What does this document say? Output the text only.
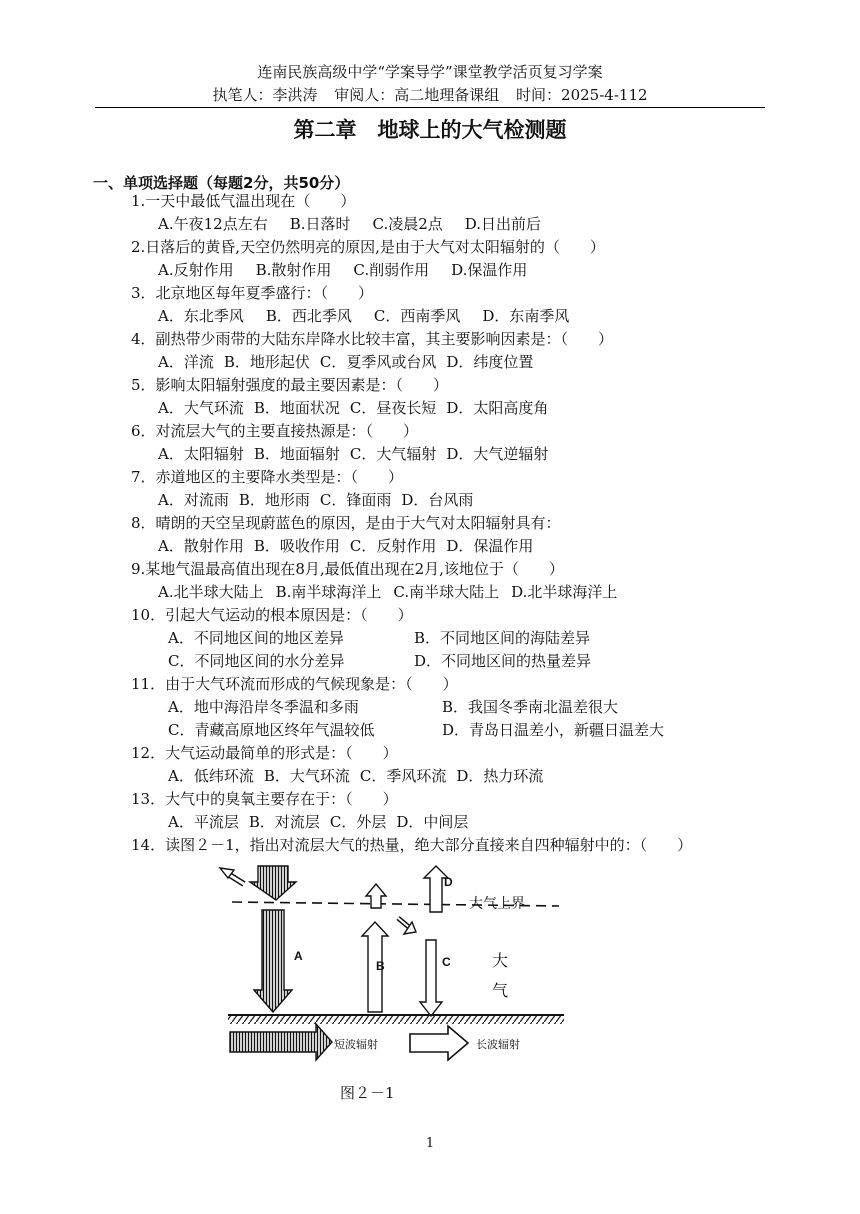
连南民族高级中学“学案导学”课堂教学活页复习学案
执笔人：李洪涛 审阅人：高二地理备课组 时间：2025-4-112
第二章　地球上的大气检测题
一、单项选择题（每题2分，共50分）
1.一天中最低气温出现在（　　）
A.午夜12点左右 B.日落时 C.凌晨2点 D.日出前后
2.日落后的黄昏,天空仍然明亮的原因,是由于大气对太阳辐射的（　　）
A.反射作用 B.散射作用 C.削弱作用 D.保温作用
3．北京地区每年夏季盛行：（　　）
A．东北季风 B．西北季风 C．西南季风 D．东南季风
4．副热带少雨带的大陆东岸降水比较丰富，其主要影响因素是：（　　）
A．洋流 B．地形起伏 C．夏季风或台风 D．纬度位置
5．影响太阳辐射强度的最主要因素是：（　　）
A．大气环流 B．地面状况 C．昼夜长短 D．太阳高度角
6．对流层大气的主要直接热源是：（　　）
A．太阳辐射 B．地面辐射 C．大气辐射 D．大气逆辐射
7．赤道地区的主要降水类型是：（　　）
A．对流雨 B．地形雨 C．锋面雨 D．台风雨
8．晴朗的天空呈现蔚蓝色的原因，是由于大气对太阳辐射具有：
A．散射作用 B．吸收作用 C．反射作用 D．保温作用
9.某地气温最高值出现在8月,最低值出现在2月,该地位于（　　）
A.北半球大陆上 B.南半球海洋上 C.南半球大陆上 D.北半球海洋上
10．引起大气运动的根本原因是：（　　）
A．不同地区间的地区差异	B．不同地区间的海陆差异
C．不同地区间的水分差异	D．不同地区间的热量差异
11．由于大气环流而形成的气候现象是：（　　）
A．地中海沿岸冬季温和多雨	B．我国冬季南北温差很大
C．青藏高原地区终年气温较低	D．青岛日温差小，新疆日温差大
12．大气运动最简单的形式是：（　　）
A．低纬环流 B．大气环流 C．季风环流 D．热力环流
13．大气中的臭氧主要存在于：（　　）
A．平流层 B．对流层 C．外层 D．中间层
14．读图２－1，指出对流层大气的热量，绝大部分直接来自四种辐射中的：（　　）
大气上界
A
D
B	C	大
气
短波辐射	长波辐射
图２－1
1
